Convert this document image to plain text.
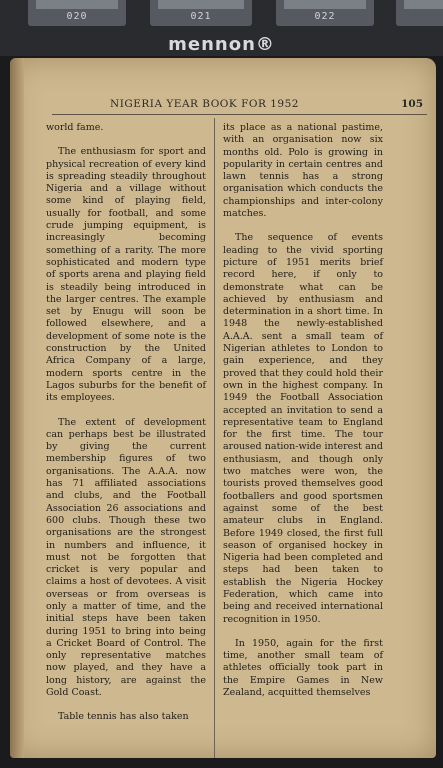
020	021	022
mennon®
NIGERIA YEAR BOOK FOR 1952	105

world fame.

The enthusiasm for sport and physical recreation of every kind is spreading steadily throughout Nigeria and a village without some kind of playing field, usually for football, and some crude jumping equipment, is increasingly becoming something of a rarity. The more sophisticated and modern type of sports arena and playing field is steadily being introduced in the larger centres. The example set by Enugu will soon be followed elsewhere, and a development of some note is the construction by the United Africa Company of a large, modern sports centre in the Lagos suburbs for the benefit of its employees.

The extent of development can perhaps best be illustrated by giving the current membership figures of two organisations. The A.A.A. now has 71 affiliated associations and clubs, and the Football Association 26 associations and 600 clubs. Though these two organisations are the strongest in numbers and influence, it must not be forgotten that cricket is very popular and claims a host of devotees. A visit overseas or from overseas is only a matter of time, and the initial steps have been taken during 1951 to bring into being a Cricket Board of Control. The only representative matches now played, and they have a long history, are against the Gold Coast.

Table tennis has also taken

its place as a national pastime, with an organisation now six months old. Polo is growing in popularity in certain centres and lawn tennis has a strong organisation which conducts the championships and inter-colony matches.

The sequence of events leading to the vivid sporting picture of 1951 merits brief record here, if only to demonstrate what can be achieved by enthusiasm and determination in a short time. In 1948 the newly-established A.A.A. sent a small team of Nigerian athletes to London to gain experience, and they proved that they could hold their own in the highest company. In 1949 the Football Association accepted an invitation to send a representative team to England for the first time. The tour aroused nation-wide interest and enthusiasm, and though only two matches were won, the tourists proved themselves good footballers and good sportsmen against some of the best amateur clubs in England. Before 1949 closed, the first full season of organised hockey in Nigeria had been completed and steps had been taken to establish the Nigeria Hockey Federation, which came into being and received international recognition in 1950.

In 1950, again for the first time, another small team of athletes officially took part in the Empire Games in New Zealand, acquitted themselves
